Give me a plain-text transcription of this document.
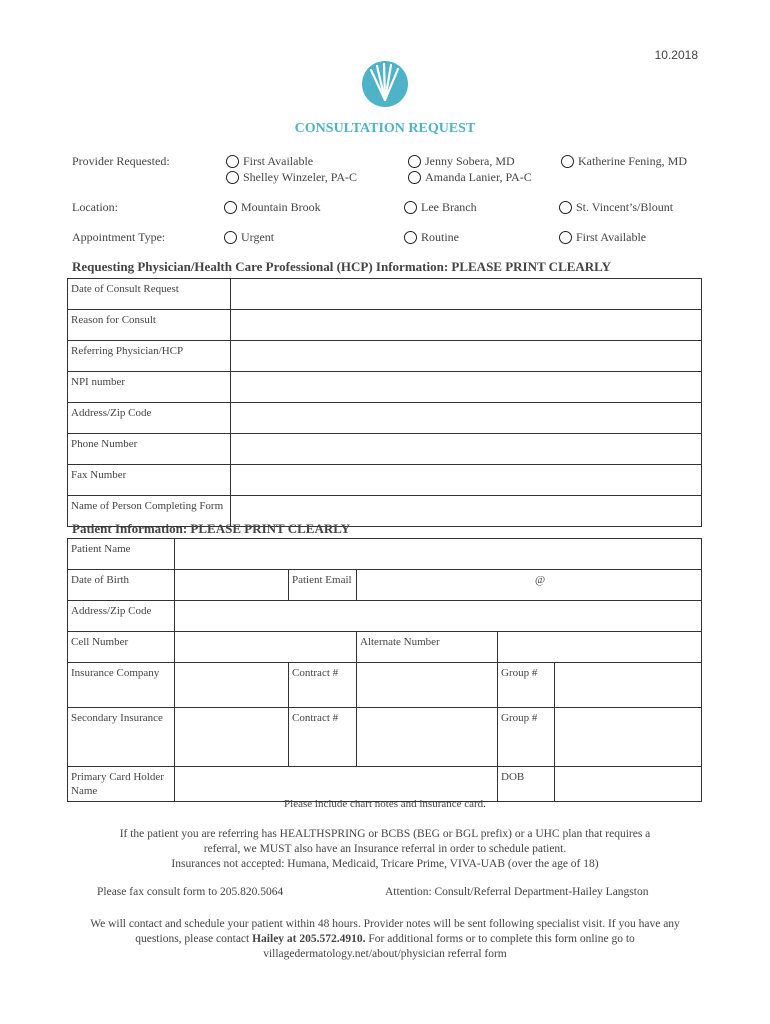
10.2018
CONSULTATION REQUEST
Provider Requested:	First Available
Shelley Winzeler, PA-C
Jenny Sobera, MD
Amanda Lanier, PA-C
Katherine Fening, MD
Location:	Mountain Brook	Lee Branch	St. Vincent’s/Blount
Appointment Type:	Urgent	Routine	First Available
Requesting Physician/Health Care Professional (HCP) Information: PLEASE PRINT CLEARLY
Date of Consult Request	
Reason for Consult	
Referring Physician/HCP	
NPI number	
Address/Zip Code	
Phone Number	
Fax Number	
Name of Person Completing Form	
Patient Information: PLEASE PRINT CLEARLY
Patient Name					
Date of Birth		Patient Email	@		
Address/Zip Code					
Cell Number			Alternate Number		
Insurance Company		Contract #		Group #	
Secondary Insurance		Contract #		Group #	
Primary Card Holder Name				DOB	
Please include chart notes and insurance card.
If the patient you are referring has HEALTHSPRING or BCBS (BEG or BGL prefix) or a UHC plan that requires a
referral, we MUST also have an Insurance referral in order to schedule patient.
Insurances not accepted: Humana, Medicaid, Tricare Prime, VIVA-UAB (over the age of 18)
Please fax consult form to 205.820.5064	Attention: Consult/Referral Department-Hailey Langston
We will contact and schedule your patient within 48 hours. Provider notes will be sent following specialist visit. If you have any questions, please contact Hailey at 205.572.4910. For additional forms or to complete this form online go to
villagedermatology.net/about/physician referral form
